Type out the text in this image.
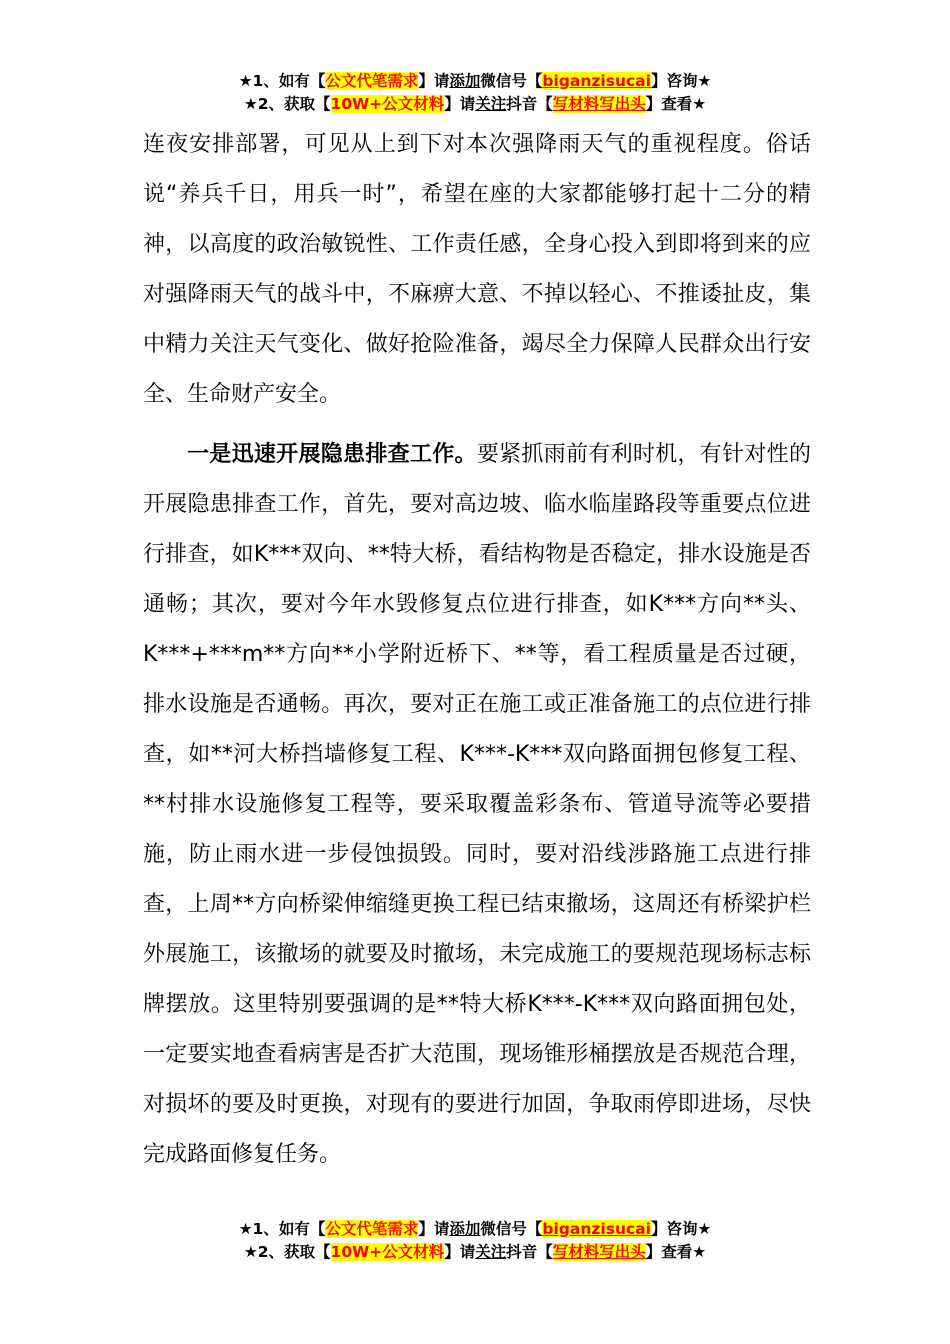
★1、如有【公文代笔需求】请添加微信号【biganzisucai】咨询★
★2、获取【10W+公文材料】请关注抖音【写材料写出头】查看★

连夜安排部署，可见从上到下对本次强降雨天气的重视程度。俗话说“养兵千日，用兵一时”，希望在座的大家都能够打起十二分的精神，以高度的政治敏锐性、工作责任感，全身心投入到即将到来的应对强降雨天气的战斗中，不麻痹大意、不掉以轻心、不推诿扯皮，集中精力关注天气变化、做好抢险准备，竭尽全力保障人民群众出行安全、生命财产安全。

一是迅速开展隐患排查工作。要紧抓雨前有利时机，有针对性的开展隐患排查工作，首先，要对高边坡、临水临崖路段等重要点位进行排查，如K***双向、**特大桥，看结构物是否稳定，排水设施是否通畅；其次，要对今年水毁修复点位进行排查，如K***方向**头、K***+***m**方向**小学附近桥下、**等，看工程质量是否过硬，排水设施是否通畅。再次，要对正在施工或正准备施工的点位进行排查，如**河大桥挡墙修复工程、K***-K***双向路面拥包修复工程、**村排水设施修复工程等，要采取覆盖彩条布、管道导流等必要措施，防止雨水进一步侵蚀损毁。同时，要对沿线涉路施工点进行排查，上周**方向桥梁伸缩缝更换工程已结束撤场，这周还有桥梁护栏外展施工，该撤场的就要及时撤场，未完成施工的要规范现场标志标牌摆放。这里特别要强调的是**特大桥K***-K***双向路面拥包处，一定要实地查看病害是否扩大范围，现场锥形桶摆放是否规范合理，对损坏的要及时更换，对现有的要进行加固，争取雨停即进场，尽快完成路面修复任务。

★1、如有【公文代笔需求】请添加微信号【biganzisucai】咨询★
★2、获取【10W+公文材料】请关注抖音【写材料写出头】查看★
